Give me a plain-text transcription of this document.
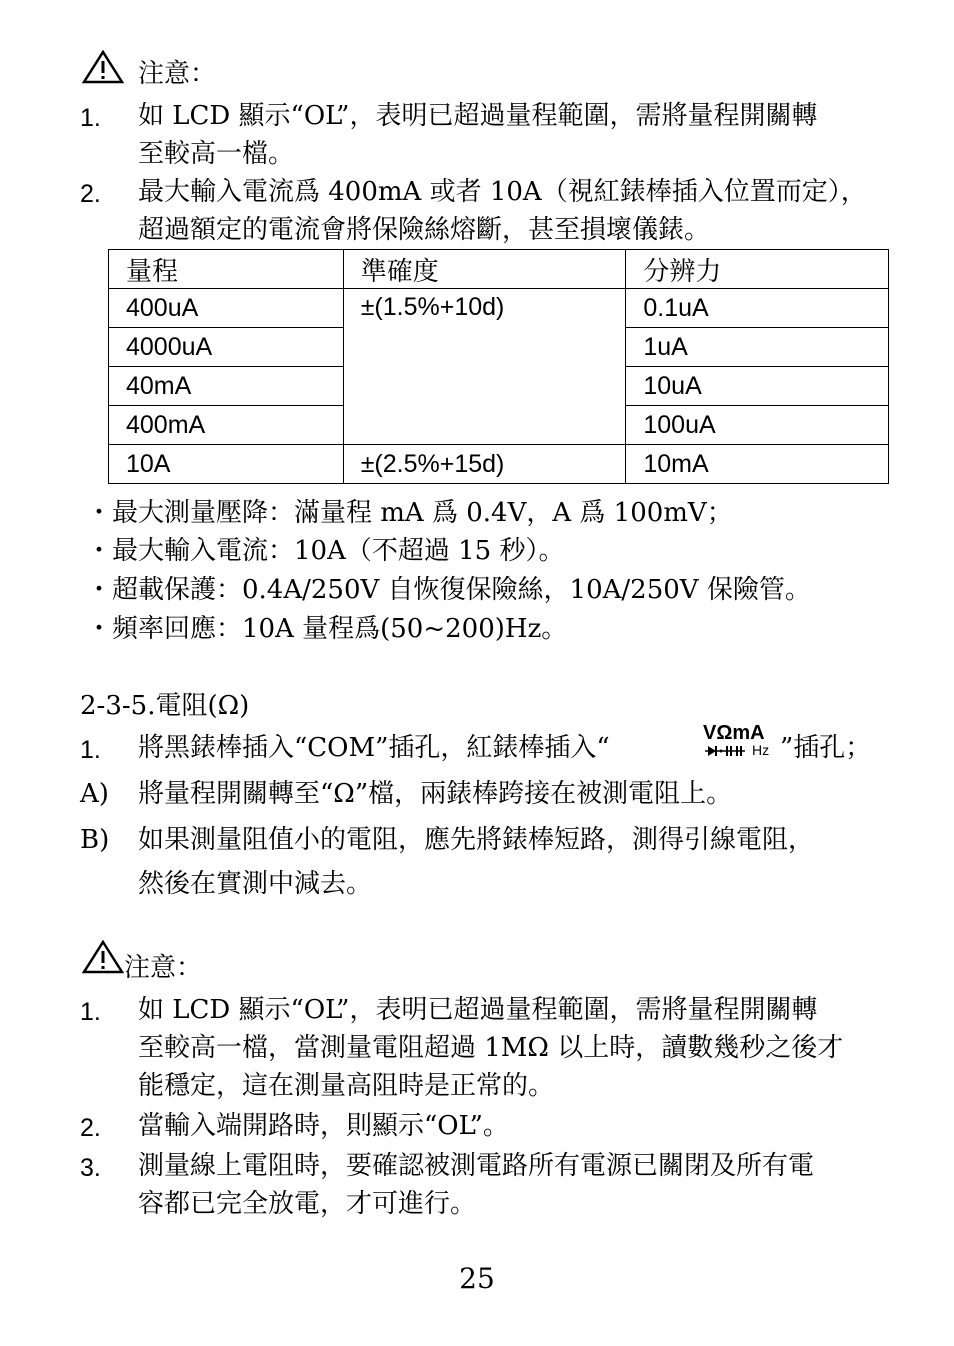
注意：
1. 如 LCD 顯示“OL”，表明已超過量程範圍，需將量程開關轉
至較高一檔。
2. 最大輸入電流爲 400mA 或者 10A（視紅錶棒插入位置而定），
超過額定的電流會將保險絲熔斷，甚至損壞儀錶。
量程	準確度	分辨力
400uA	±(1.5%+10d)	0.1uA
4000uA		1uA
40mA		10uA
400mA		100uA
10A	±(2.5%+15d)	10mA
・最大測量壓降：滿量程 mA 爲 0.4V，A 爲 100mV；
・最大輸入電流：10A（不超過 15 秒）。
・超載保護：0.4A/250V 自恢復保險絲，10A/250V 保險管。
・頻率回應：10A 量程爲(50~200)Hz。
2-3-5.電阻(Ω)
1. 將黑錶棒插入“COM”插孔，紅錶棒插入“	VΩmA
Hz ”插孔；
A) 將量程開關轉至“Ω”檔，兩錶棒跨接在被測電阻上。
B) 如果測量阻值小的電阻，應先將錶棒短路，測得引線電阻，
然後在實測中減去。
注意：
1. 如 LCD 顯示“OL”，表明已超過量程範圍，需將量程開關轉
至較高一檔，當測量電阻超過 1MΩ 以上時，讀數幾秒之後才
能穩定，這在測量高阻時是正常的。
2. 當輸入端開路時，則顯示“OL”。
3. 測量線上電阻時，要確認被測電路所有電源已關閉及所有電
容都已完全放電，才可進行。
25
